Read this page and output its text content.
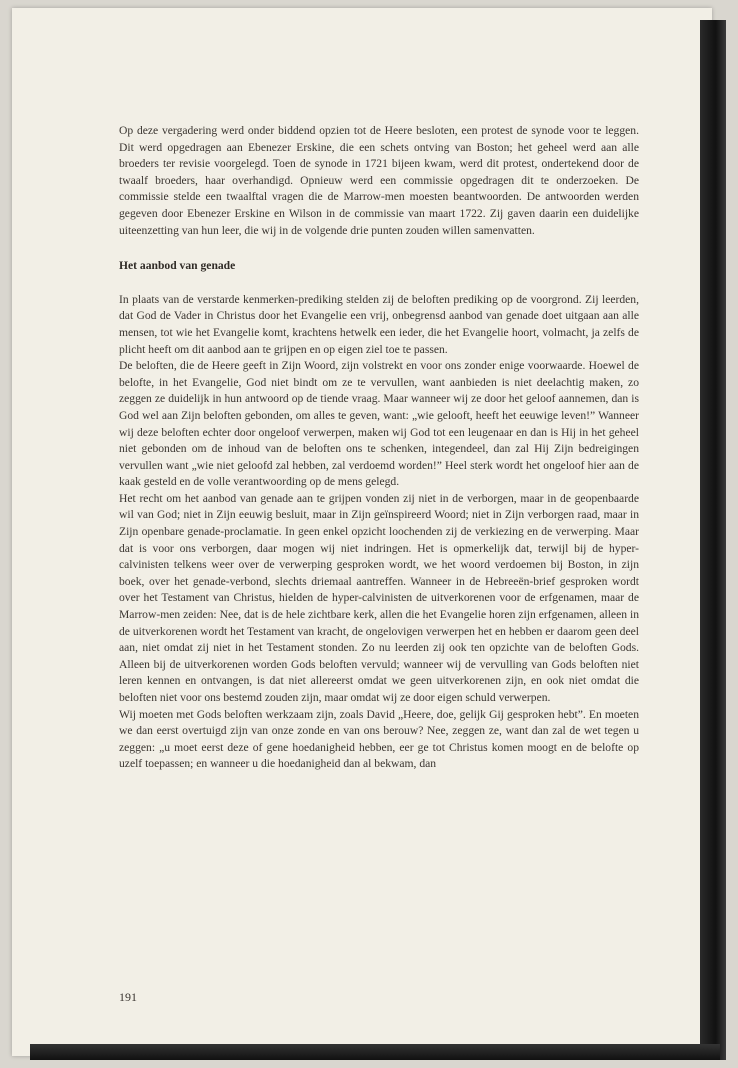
Op deze vergadering werd onder biddend opzien tot de Heere besloten, een protest de synode voor te leggen. Dit werd opgedragen aan Ebenezer Erskine, die een schets ontving van Boston; het geheel werd aan alle broeders ter revisie voorgelegd. Toen de synode in 1721 bijeen kwam, werd dit protest, ondertekend door de twaalf broeders, haar overhandigd. Opnieuw werd een commissie opgedragen dit te onderzoeken. De commissie stelde een twaalftal vragen die de Marrow-men moesten beantwoorden. De antwoorden werden gegeven door Ebenezer Erskine en Wilson in de commissie van maart 1722. Zij gaven daarin een duidelijke uiteenzetting van hun leer, die wij in de volgende drie punten zouden willen samenvatten.

Het aanbod van genade

In plaats van de verstarde kenmerken-prediking stelden zij de beloften prediking op de voorgrond. Zij leerden, dat God de Vader in Christus door het Evangelie een vrij, onbegrensd aanbod van genade doet uitgaan aan alle mensen, tot wie het Evangelie komt, krachtens hetwelk een ieder, die het Evangelie hoort, volmacht, ja zelfs de plicht heeft om dit aanbod aan te grijpen en op eigen ziel toe te passen.

De beloften, die de Heere geeft in Zijn Woord, zijn volstrekt en voor ons zonder enige voorwaarde. Hoewel de belofte, in het Evangelie, God niet bindt om ze te vervullen, want aanbieden is niet deelachtig maken, zo zeggen ze duidelijk in hun antwoord op de tiende vraag. Maar wanneer wij ze door het geloof aannemen, dan is God wel aan Zijn beloften gebonden, om alles te geven, want: „wie gelooft, heeft het eeuwige leven!” Wanneer wij deze beloften echter door ongeloof verwerpen, maken wij God tot een leugenaar en dan is Hij in het geheel niet gebonden om de inhoud van de beloften ons te schenken, integendeel, dan zal Hij Zijn bedreigingen vervullen want „wie niet geloofd zal hebben, zal verdoemd worden!” Heel sterk wordt het ongeloof hier aan de kaak gesteld en de volle verantwoording op de mens gelegd.

Het recht om het aanbod van genade aan te grijpen vonden zij niet in de verborgen, maar in de geopenbaarde wil van God; niet in Zijn eeuwig besluit, maar in Zijn geïnspireerd Woord; niet in Zijn verborgen raad, maar in Zijn openbare genade-proclamatie. In geen enkel opzicht loochenden zij de verkiezing en de verwerping. Maar dat is voor ons verborgen, daar mogen wij niet indringen. Het is opmerkelijk dat, terwijl bij de hyper-calvinisten telkens weer over de verwerping gesproken wordt, we het woord verdoemen bij Boston, in zijn boek, over het genade-verbond, slechts driemaal aantreffen. Wanneer in de Hebreeën-brief gesproken wordt over het Testament van Christus, hielden de hyper-calvinisten de uitverkorenen voor de erfgenamen, maar de Marrow-men zeiden: Nee, dat is de hele zichtbare kerk, allen die het Evangelie horen zijn erfgenamen, alleen in de uitverkorenen wordt het Testament van kracht, de ongelovigen verwerpen het en hebben er daarom geen deel aan, niet omdat zij niet in het Testament stonden. Zo nu leerden zij ook ten opzichte van de beloften Gods. Alleen bij de uitverkorenen worden Gods beloften vervuld; wanneer wij de vervulling van Gods beloften niet leren kennen en ontvangen, is dat niet allereerst omdat we geen uitverkorenen zijn, en ook niet omdat die beloften niet voor ons bestemd zouden zijn, maar omdat wij ze door eigen schuld verwerpen.

Wij moeten met Gods beloften werkzaam zijn, zoals David „Heere, doe, gelijk Gij gesproken hebt”. En moeten we dan eerst overtuigd zijn van onze zonde en van ons berouw? Nee, zeggen ze, want dan zal de wet tegen u zeggen: „u moet eerst deze of gene hoedanigheid hebben, eer ge tot Christus komen moogt en de belofte op uzelf toepassen; en wanneer u die hoedanigheid dan al bekwam, dan

191
